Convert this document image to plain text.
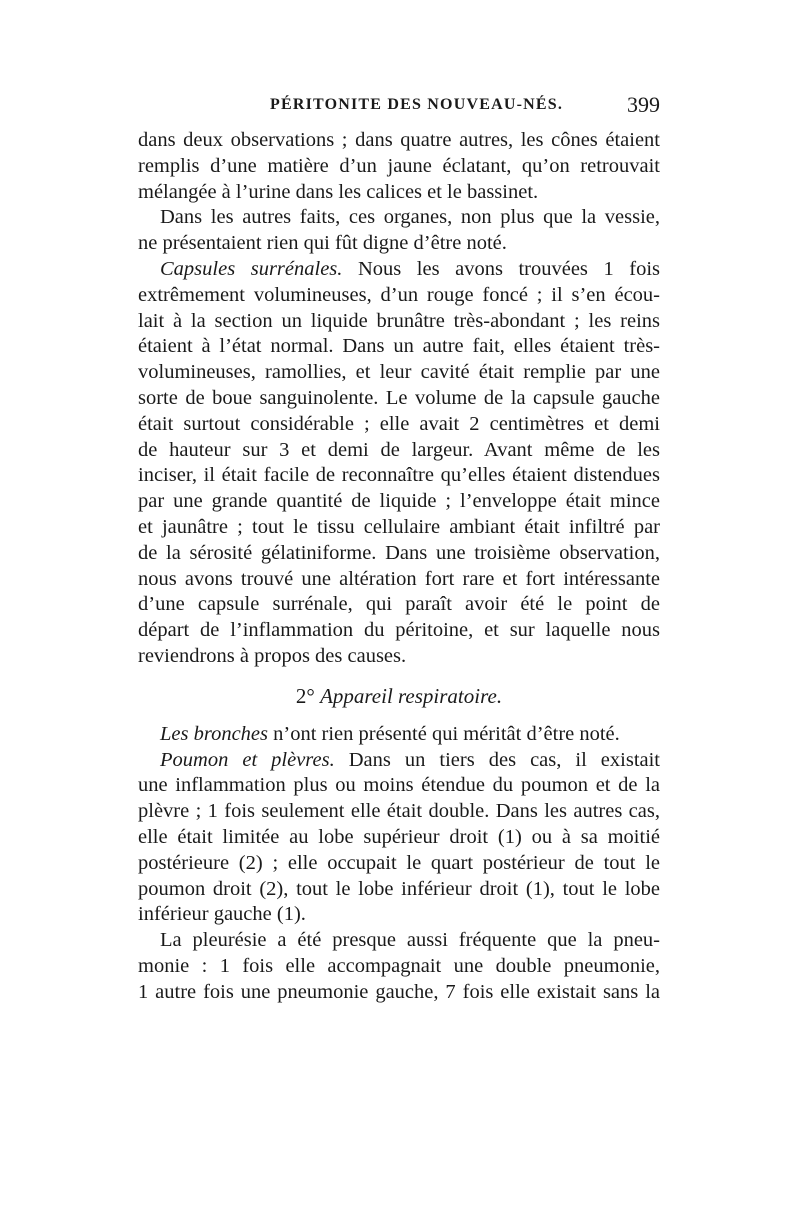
PÉRITONITE DES NOUVEAU-NÉS.	399
dans deux observations ; dans quatre autres, les cônes étaient
remplis d’une matière d’un jaune éclatant, qu’on retrouvait
mélangée à l’urine dans les calices et le bassinet.
Dans les autres faits, ces organes, non plus que la vessie,
ne présentaient rien qui fût digne d’être noté.
Capsules surrénales. Nous les avons trouvées 1 fois
extrêmement volumineuses, d’un rouge foncé ; il s’en écou-
lait à la section un liquide brunâtre très-abondant ; les reins
étaient à l’état normal. Dans un autre fait, elles étaient très-
volumineuses, ramollies, et leur cavité était remplie par une
sorte de boue sanguinolente. Le volume de la capsule gauche
était surtout considérable ; elle avait 2 centimètres et demi
de hauteur sur 3 et demi de largeur. Avant même de les
inciser, il était facile de reconnaître qu’elles étaient distendues
par une grande quantité de liquide ; l’enveloppe était mince
et jaunâtre ; tout le tissu cellulaire ambiant était infiltré par
de la sérosité gélatiniforme. Dans une troisième observation,
nous avons trouvé une altération fort rare et fort intéressante
d’une capsule surrénale, qui paraît avoir été le point de
départ de l’inflammation du péritoine, et sur laquelle nous
reviendrons à propos des causes.
2° Appareil respiratoire.
Les bronches n’ont rien présenté qui méritât d’être noté.
Poumon et plèvres. Dans un tiers des cas, il existait
une inflammation plus ou moins étendue du poumon et de la
plèvre ; 1 fois seulement elle était double. Dans les autres cas,
elle était limitée au lobe supérieur droit (1) ou à sa moitié
postérieure (2) ; elle occupait le quart postérieur de tout le
poumon droit (2), tout le lobe inférieur droit (1), tout le lobe
inférieur gauche (1).
La pleurésie a été presque aussi fréquente que la pneu-
monie : 1 fois elle accompagnait une double pneumonie,
1 autre fois une pneumonie gauche, 7 fois elle existait sans la
